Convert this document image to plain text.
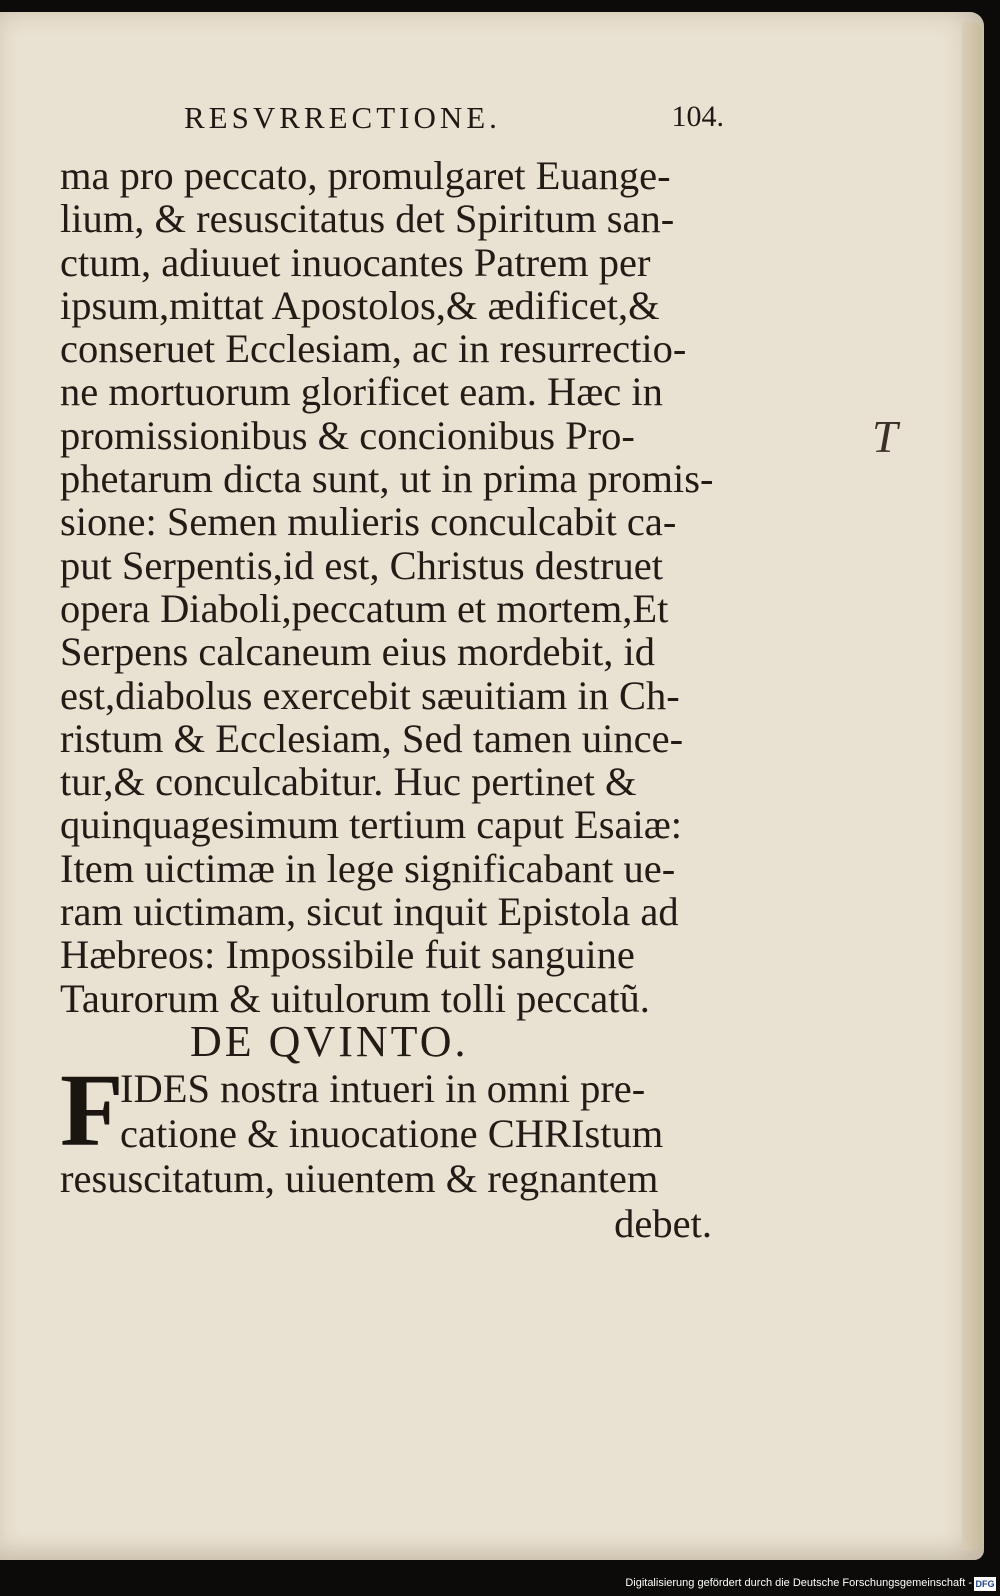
RESVRRECTIONE.	104.
ma pro peccato, promulgaret Euange-
lium, & resuscitatus det Spiritum san-
ctum, adiuuet inuocantes Patrem per
ipsum,mittat Apostolos,& ædificet,&
conseruet Ecclesiam, ac in resurrectio-
ne mortuorum glorificet eam. Hæc in
promissionibus & concionibus Pro-
phetarum dicta sunt, ut in prima promis-
sione: Semen mulieris conculcabit ca-
put Serpentis,id est, Christus destruet
opera Diaboli,peccatum et mortem,Et
Serpens calcaneum eius mordebit, id
est,diabolus exercebit sæuitiam in Ch-
ristum & Ecclesiam, Sed tamen uince-
tur,& conculcabitur. Huc pertinet &
quinquagesimum tertium caput Esaiæ:
Item uictimæ in lege significabant ue-
ram uictimam, sicut inquit Epistola ad
Hæbreos: Impossibile fuit sanguine
Taurorum & uitulorum tolli peccatũ.
DE QVINTO.
F
IDES nostra intueri in omni pre-
catione & inuocatione CHRIstum
resuscitatum, uiuentem & regnantem
debet.
T
Digitalisierung gefördert durch die Deutsche Forschungsgemeinschaft - DFG
